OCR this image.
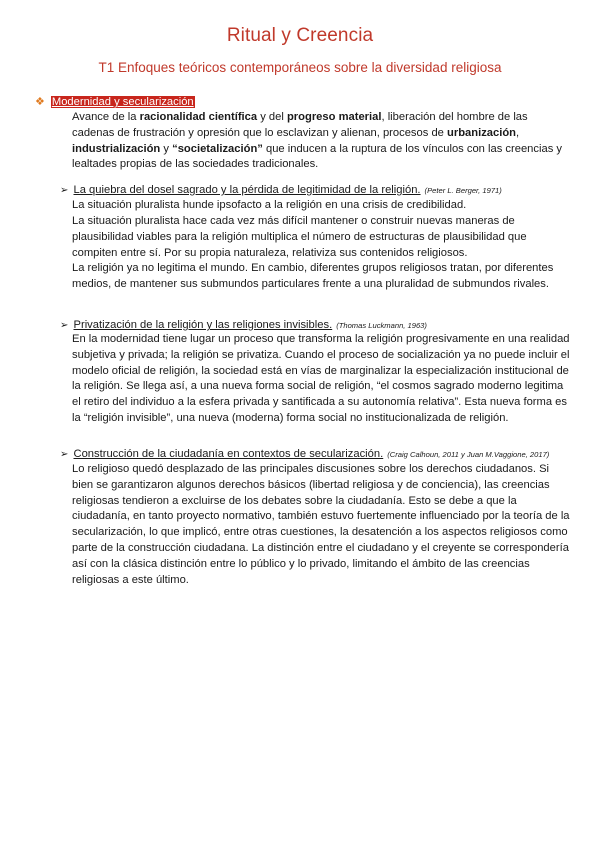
Ritual y Creencia
T1 Enfoques teóricos contemporáneos sobre la diversidad religiosa
❖ Modernidad y secularización

Avance de la racionalidad científica y del progreso material, liberación del hombre de las cadenas de frustración y opresión que lo esclavizan y alienan, procesos de urbanización, industrialización y “societalización” que inducen a la ruptura de los vínculos con las creencias y lealtades propias de las sociedades tradicionales.

➢ La quiebra del dosel sagrado y la pérdida de legitimidad de la religión. (Peter L. Berger, 1971)

La situación pluralista hunde ipsofacto a la religión en una crisis de credibilidad.

La situación pluralista hace cada vez más difícil mantener o construir nuevas maneras de plausibilidad viables para la religión multiplica el número de estructuras de plausibilidad que compiten entre sí. Por su propia naturaleza, relativiza sus contenidos religiosos.

La religión ya no legitima el mundo. En cambio, diferentes grupos religiosos tratan, por diferentes medios, de mantener sus submundos particulares frente a una pluralidad de submundos rivales.

➢ Privatización de la religión y las religiones invisibles. (Thomas Luckmann, 1963)

En la modernidad tiene lugar un proceso que transforma la religión progresivamente en una realidad subjetiva y privada; la religión se privatiza. Cuando el proceso de socialización ya no puede incluir el modelo oficial de religión, la sociedad está en vías de marginalizar la especialización institucional de la religión. Se llega así, a una nueva forma social de religión, “el cosmos sagrado moderno legitima el retiro del individuo a la esfera privada y santificada a su autonomía relativa”. Esta nueva forma es la “religión invisible”, una nueva (moderna) forma social no institucionalizada de religión.

➢ Construcción de la ciudadanía en contextos de secularización. (Craig Calhoun, 2011 y Juan M.Vaggione, 2017)

Lo religioso quedó desplazado de las principales discusiones sobre los derechos ciudadanos. Si bien se garantizaron algunos derechos básicos (libertad religiosa y de conciencia), las creencias religiosas tendieron a excluirse de los debates sobre la ciudadanía. Esto se debe a que la ciudadanía, en tanto proyecto normativo, también estuvo fuertemente influenciado por la teoría de la secularización, lo que implicó, entre otras cuestiones, la desatención a los aspectos religiosos como parte de la construcción ciudadana. La distinción entre el ciudadano y el creyente se correspondería así con la clásica distinción entre lo público y lo privado, limitando el ámbito de las creencias religiosas a este último.
